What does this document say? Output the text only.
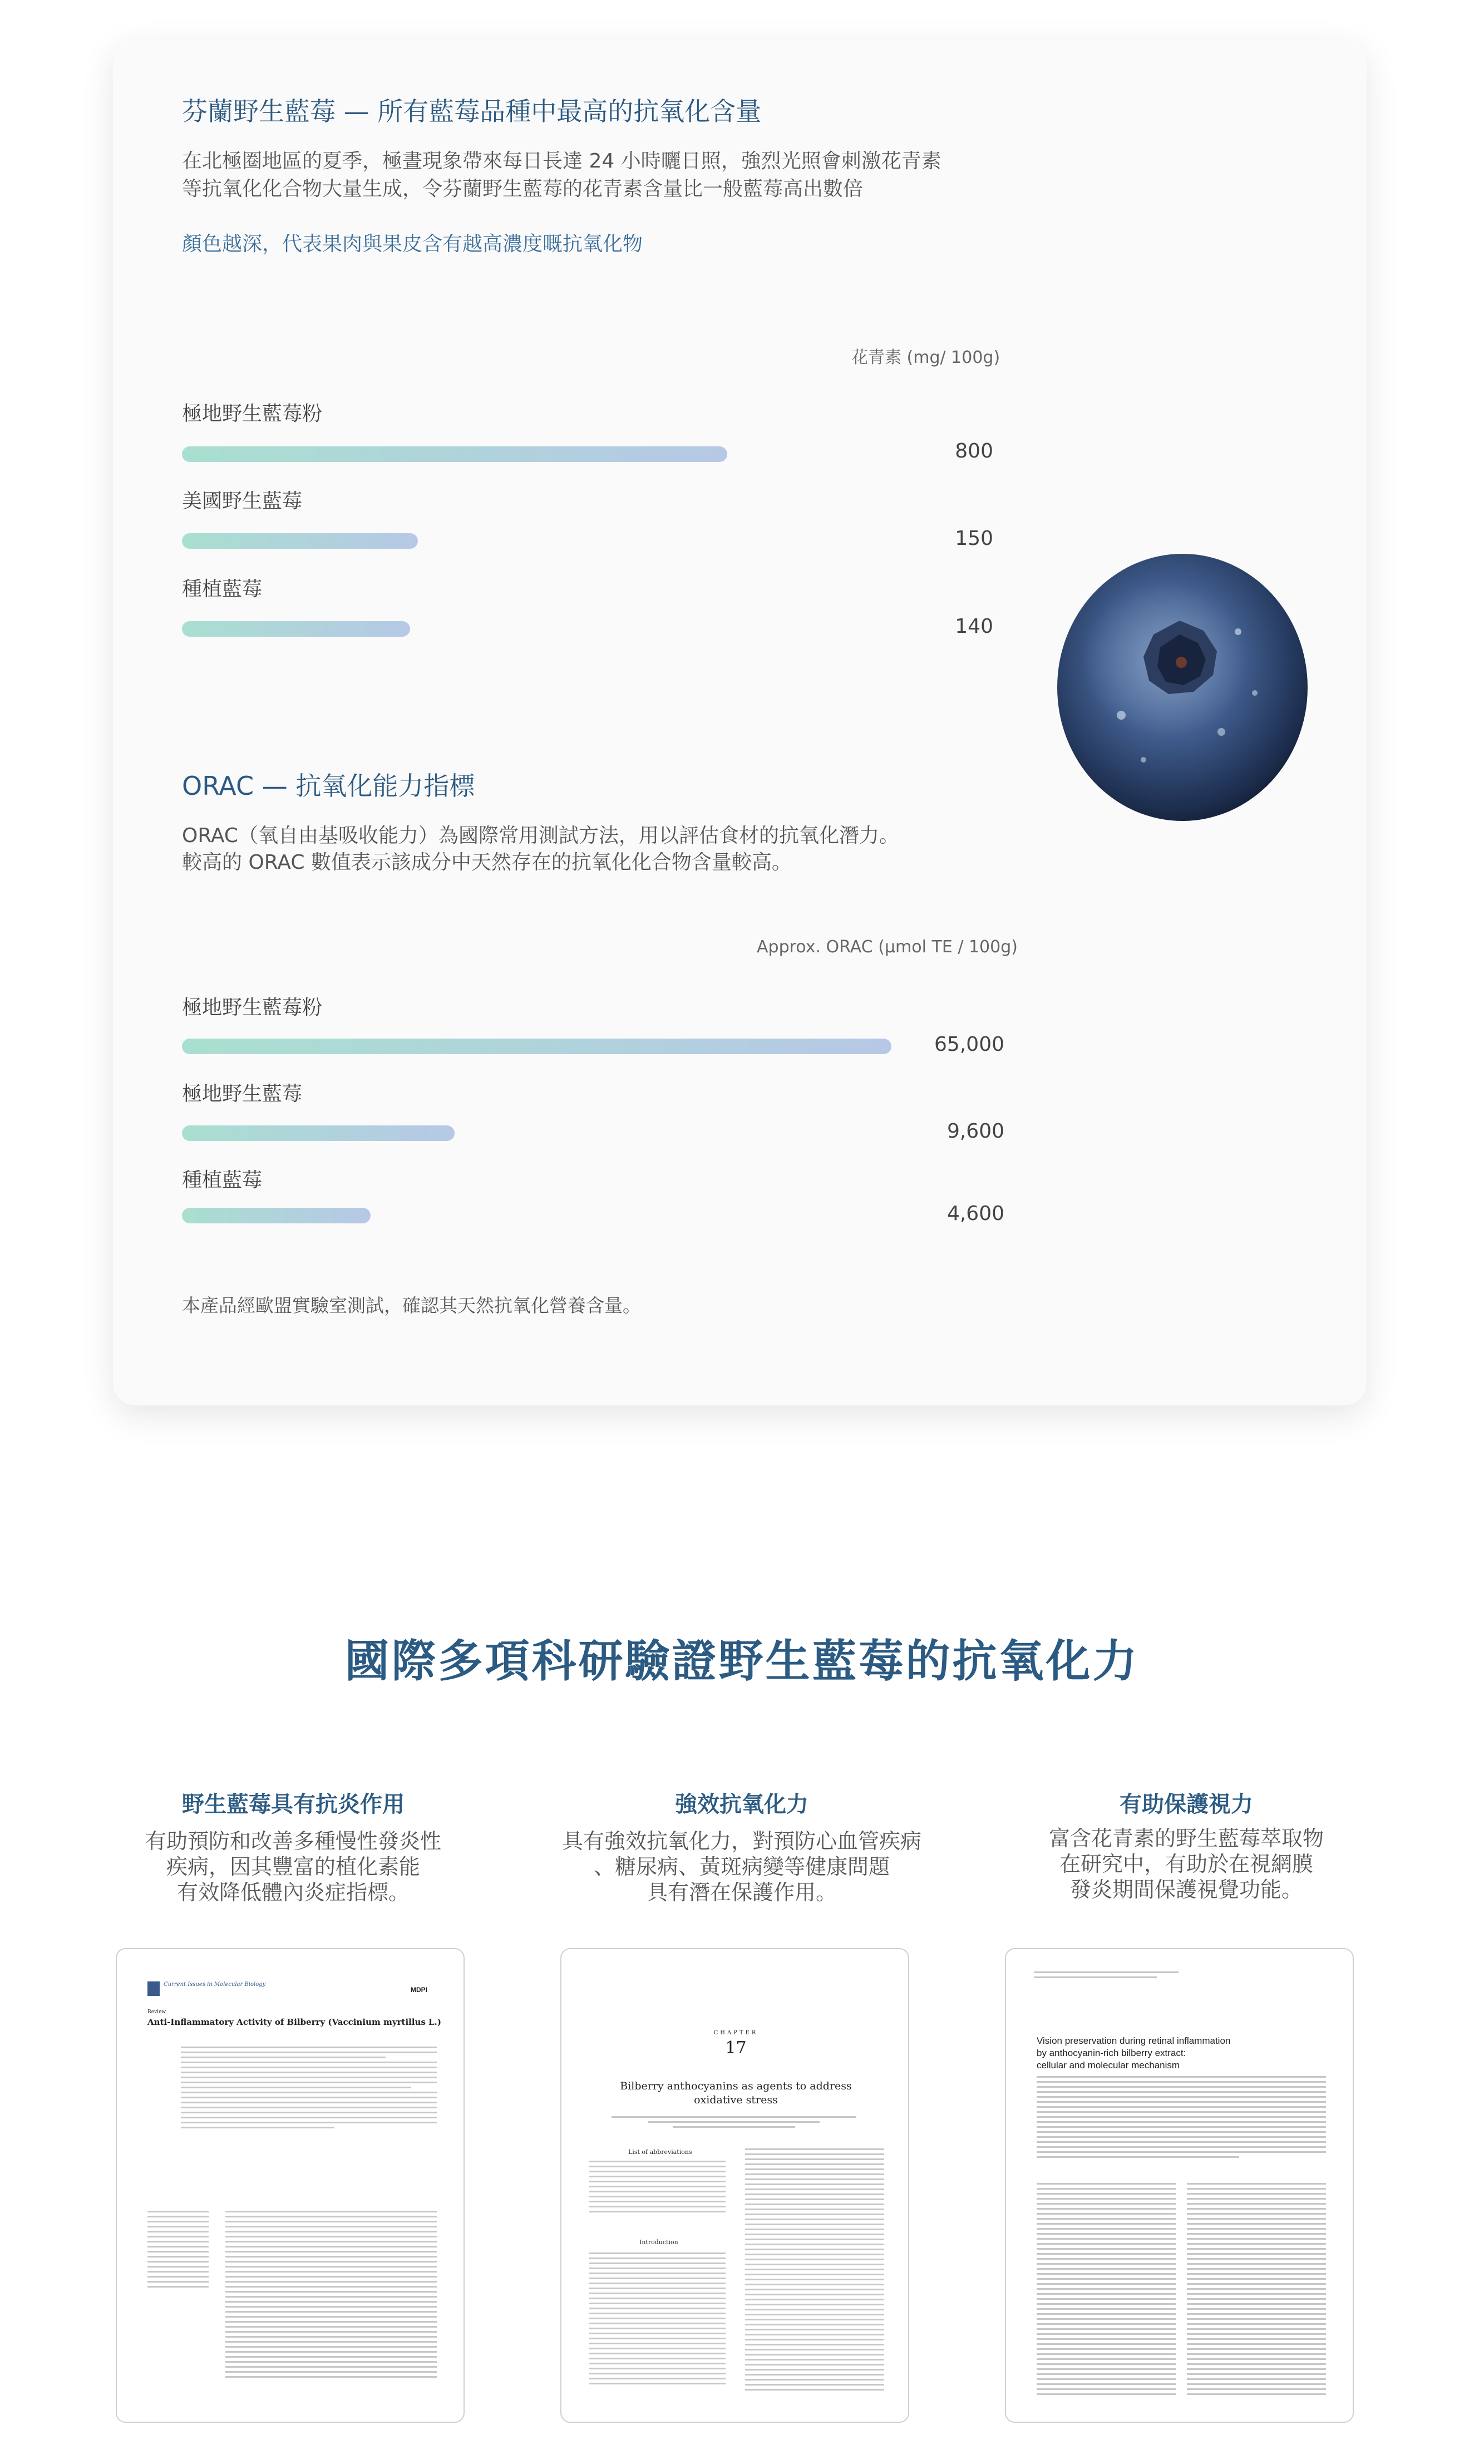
芬蘭野生藍莓 — 所有藍莓品種中最高的抗氧化含量
在北極圈地區的夏季，極晝現象帶來每日長達 24 小時曬日照，強烈光照會刺激花青素
等抗氧化化合物大量生成，令芬蘭野生藍莓的花青素含量比一般藍莓高出數倍
顏色越深，代表果肉與果皮含有越高濃度嘅抗氧化物
花青素 (mg/ 100g)
極地野生藍莓粉
800
美國野生藍莓
150
種植藍莓
140
ORAC — 抗氧化能力指標
ORAC（氧自由基吸收能力）為國際常用測試方法，用以評估食材的抗氧化潛力。
較高的 ORAC 數值表示該成分中天然存在的抗氧化化合物含量較高。
Approx. ORAC (μmol TE / 100g)
極地野生藍莓粉
65,000
極地野生藍莓
9,600
種植藍莓
4,600
本產品經歐盟實驗室測試，確認其天然抗氧化營養含量。
國際多項科研驗證野生藍莓的抗氧化力
野生藍莓具有抗炎作用
有助預防和改善多種慢性發炎性
疾病，因其豐富的植化素能
有效降低體內炎症指標。
強效抗氧化力
具有強效抗氧化力，對預防心血管疾病
、糖尿病、黃斑病變等健康問題
具有潛在保護作用。
有助保護視力
富含花青素的野生藍莓萃取物
在研究中，有助於在視網膜
發炎期間保護視覺功能。
Current Issues in Molecular Biology
MDPI
Review
Anti-Inflammatory Activity of Bilberry (Vaccinium myrtillus L.)
CHAPTER
17
Bilberry anthocyanins as agents to address
oxidative stress
List of abbreviations
Introduction
Vision preservation during retinal inflammation
by anthocyanin-rich bilberry extract:
cellular and molecular mechanism
